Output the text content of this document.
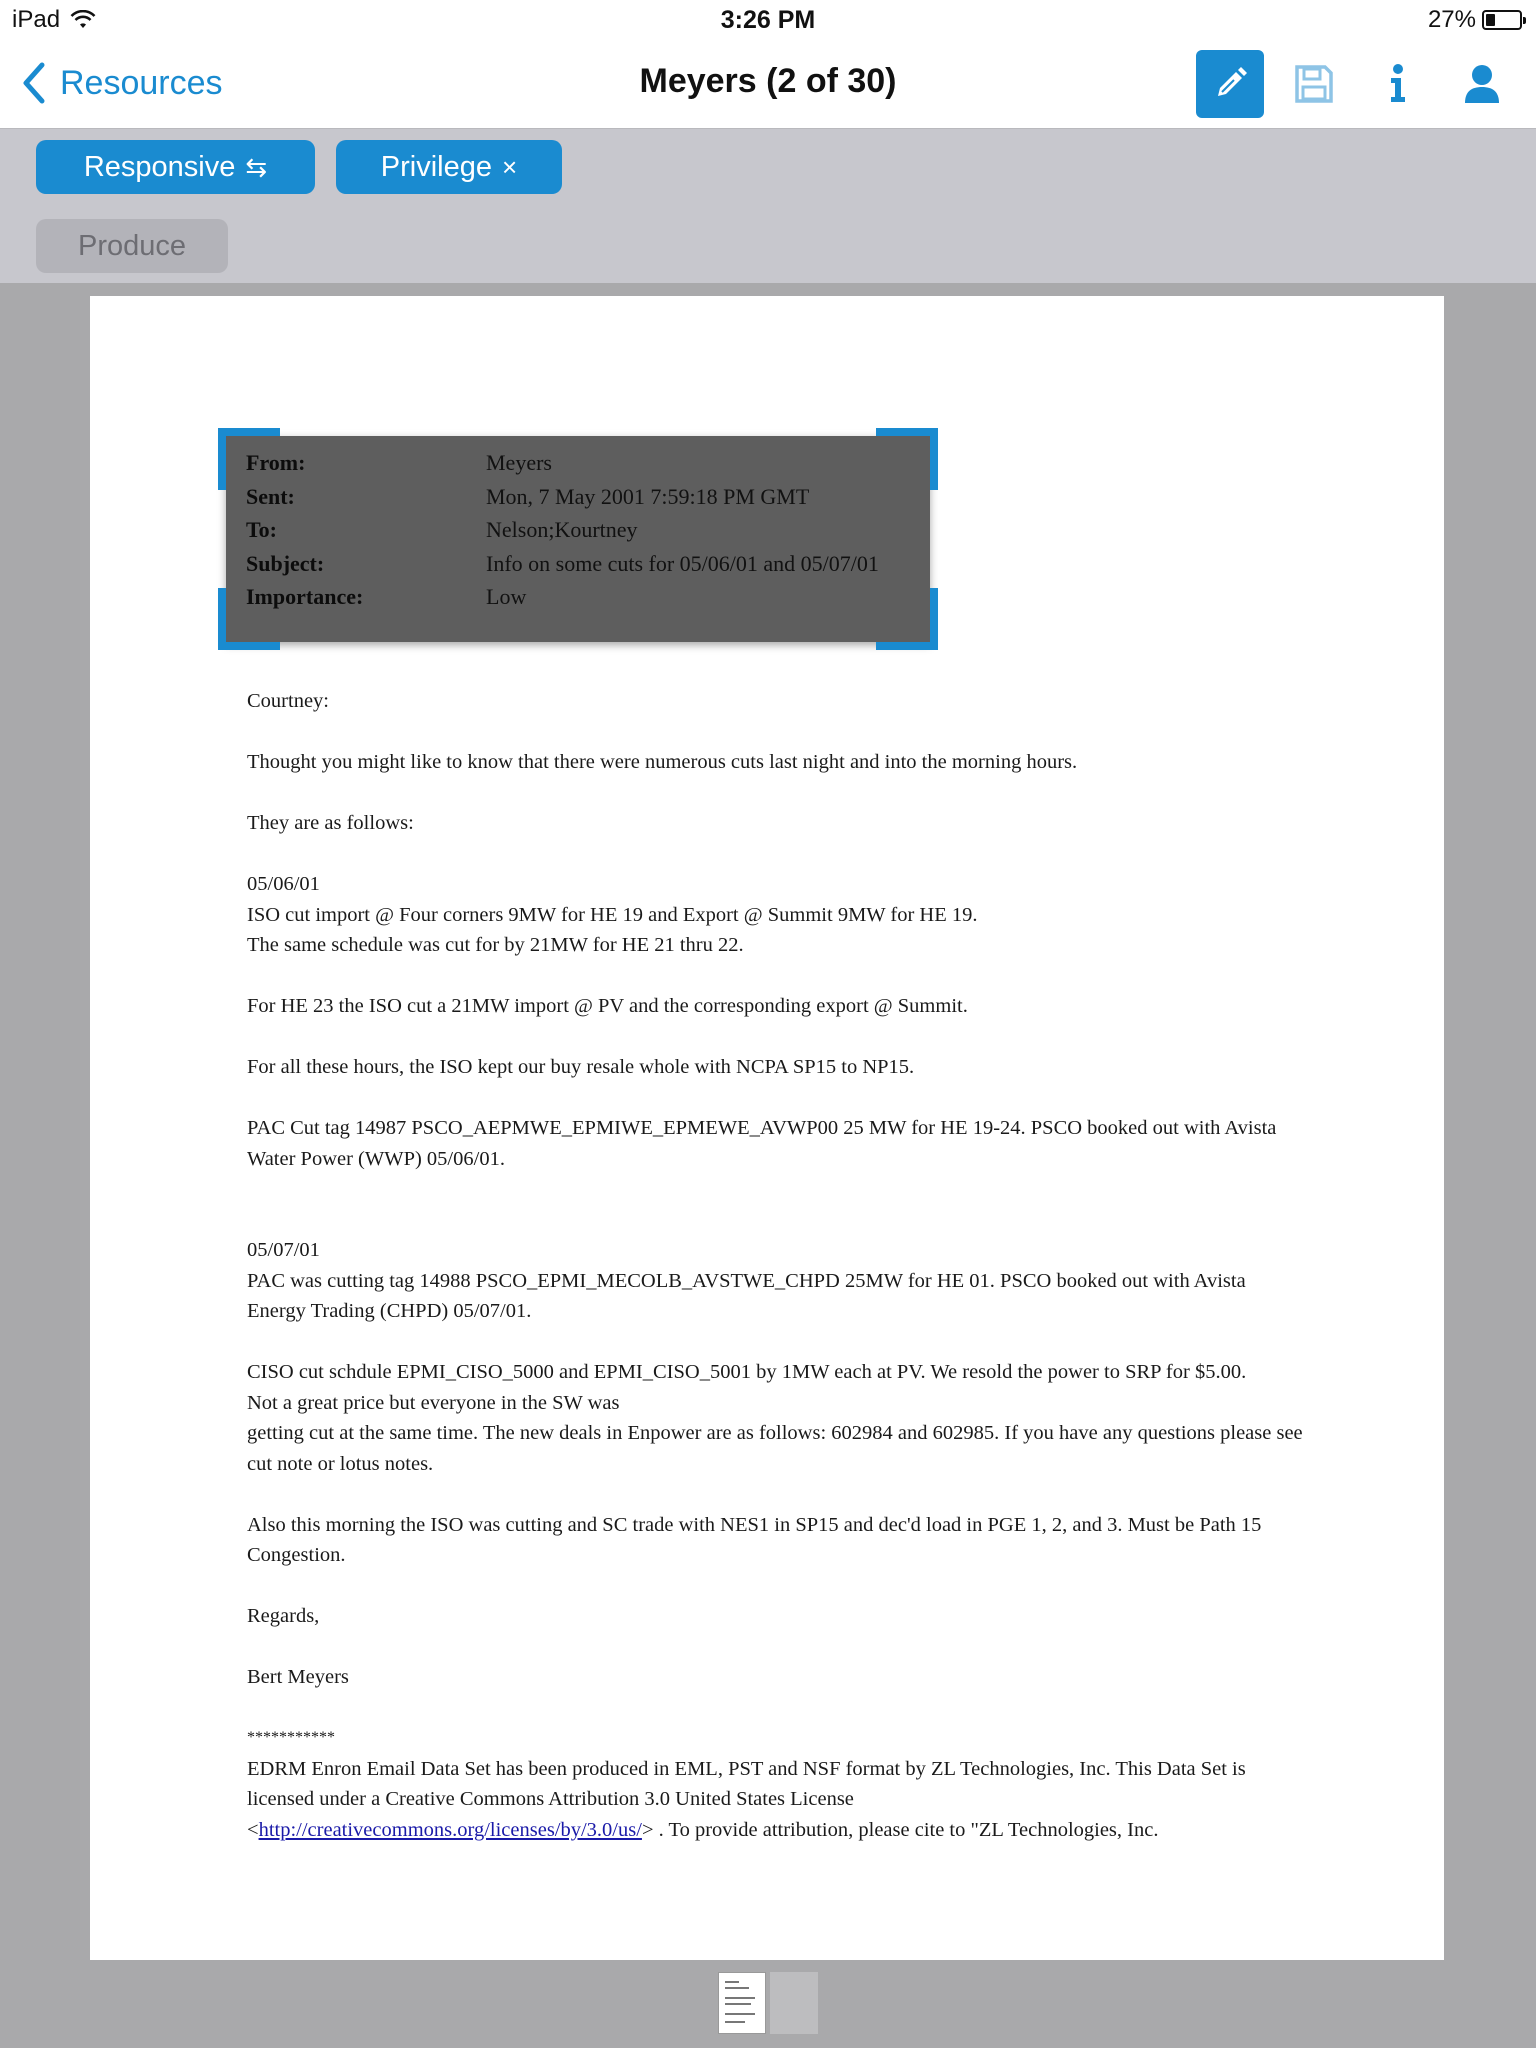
iPad	3:26 PM	27%
Resources	Meyers (2 of 30)
Responsive ⇆	Privilege ×
Produce
From:	Meyers
Sent:	Mon, 7 May 2001 7:59:18 PM GMT
To:	Nelson;Kourtney
Subject:	Info on some cuts for 05/06/01 and 05/07/01
Importance:	Low

Courtney:

Thought you might like to know that there were numerous cuts last night and into the morning hours.

They are as follows:

05/06/01

ISO cut import @ Four corners 9MW for HE 19 and Export @ Summit 9MW for HE 19.

The same schedule was cut for by 21MW for HE 21 thru 22.

For HE 23 the ISO cut a 21MW import @ PV and the corresponding export @ Summit.

For all these hours, the ISO kept our buy resale whole with NCPA SP15 to NP15.

PAC Cut tag 14987 PSCO_AEPMWE_EPMIWE_EPMEWE_AVWP00 25 MW for HE 19-24. PSCO booked out with Avista Water Power (WWP) 05/06/01.

05/07/01

PAC was cutting tag 14988 PSCO_EPMI_MECOLB_AVSTWE_CHPD 25MW for HE 01. PSCO booked out with Avista Energy Trading (CHPD) 05/07/01.

CISO cut schdule EPMI_CISO_5000 and EPMI_CISO_5001 by 1MW each at PV. We resold the power to SRP for $5.00. Not a great price but everyone in the SW was

getting cut at the same time. The new deals in Enpower are as follows: 602984 and 602985. If you have any questions please see cut note or lotus notes.

Also this morning the ISO was cutting and SC trade with NES1 in SP15 and dec'd load in PGE 1, 2, and 3. Must be Path 15 Congestion.

Regards,

Bert Meyers

***********

EDRM Enron Email Data Set has been produced in EML, PST and NSF format by ZL Technologies, Inc. This Data Set is licensed under a Creative Commons Attribution 3.0 United States License
<http://creativecommons.org/licenses/by/3.0/us/> . To provide attribution, please cite to "ZL Technologies, Inc.
